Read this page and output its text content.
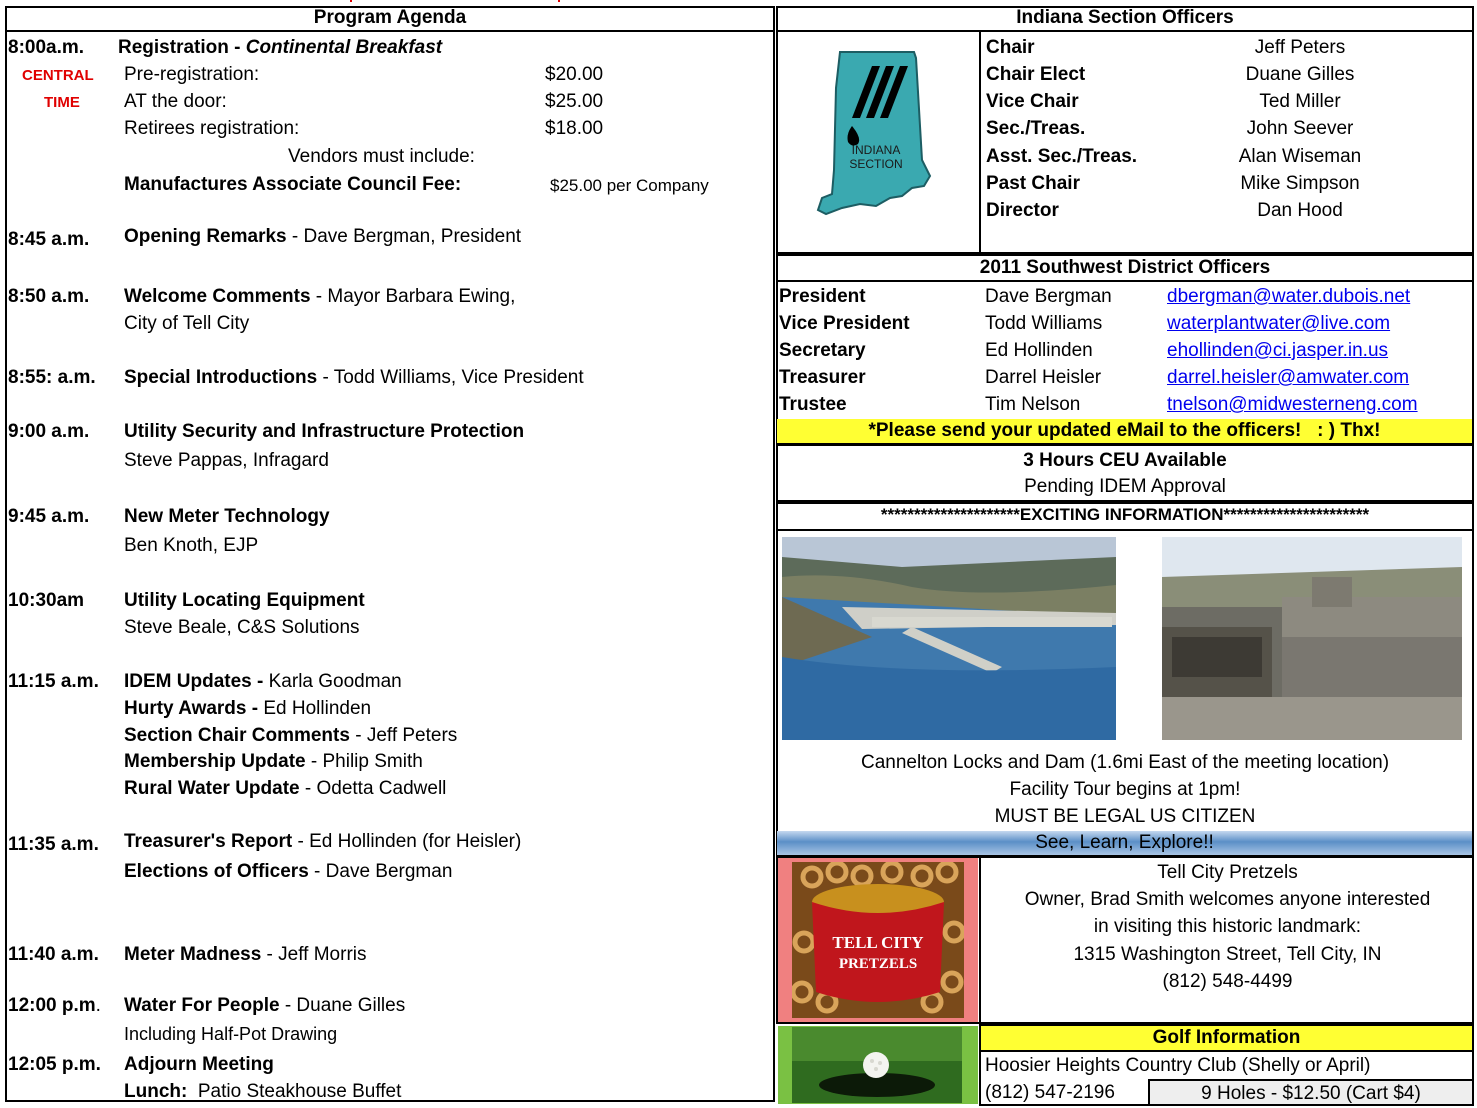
Program Agenda
8:00a.m. Registration - Continental Breakfast
CENTRAL
TIME
Pre-registration:	$20.00
AT the door:	$25.00
Retirees registration:	$18.00
Vendors must include:
Manufactures Associate Council Fee:	$25.00 per Company
8:45 a.m. Opening Remarks - Dave Bergman, President
8:50 a.m. Welcome Comments - Mayor Barbara Ewing,
City of Tell City
8:55: a.m. Special Introductions - Todd Williams, Vice President
9:00 a.m. Utility Security and Infrastructure Protection
Steve Pappas, Infragard
9:45 a.m. New Meter Technology
Ben Knoth, EJP
10:30am Utility Locating Equipment
Steve Beale, C&S Solutions
11:15 a.m. IDEM Updates - Karla Goodman
Hurty Awards - Ed Hollinden
Section Chair Comments - Jeff Peters
Membership Update - Philip Smith
Rural Water Update - Odetta Cadwell
11:35 a.m. Treasurer's Report - Ed Hollinden (for Heisler)
Elections of Officers - Dave Bergman
11:40 a.m. Meter Madness - Jeff Morris
12:00 p.m. Water For People - Duane Gilles
Including Half-Pot Drawing
12:05 p.m. Adjourn Meeting
Lunch:  Patio Steakhouse Buffet
Indiana Section Officers
INDIANA
SECTION
Chair	Jeff Peters
Chair Elect	Duane Gilles
Vice Chair	Ted Miller
Sec./Treas.	John Seever
Asst. Sec./Treas.	Alan Wiseman
Past Chair	Mike Simpson
Director	Dan Hood
2011 Southwest District Officers
President	Dave Bergman	dbergman@water.dubois.net
Vice President	Todd Williams	waterplantwater@live.com
Secretary	Ed Hollinden	ehollinden@ci.jasper.in.us
Treasurer	Darrel Heisler	darrel.heisler@amwater.com
Trustee	Tim Nelson	tnelson@midwesterneng.com
*Please send your updated eMail to the officers!   : ) Thx!
3 Hours CEU Available
Pending IDEM Approval
*********************EXCITING INFORMATION**********************
Cannelton Locks and Dam (1.6mi East of the meeting location)
Facility Tour begins at 1pm!
MUST BE LEGAL US CITIZEN
See, Learn, Explore!!
TELL CITY
PRETZELS
Tell City Pretzels
Owner, Brad Smith welcomes anyone interested
in visiting this historic landmark:
1315 Washington Street, Tell City, IN
(812) 548-4499
Golf Information
Hoosier Heights Country Club (Shelly or April)
(812) 547-2196	9 Holes - $12.50 (Cart $4)
